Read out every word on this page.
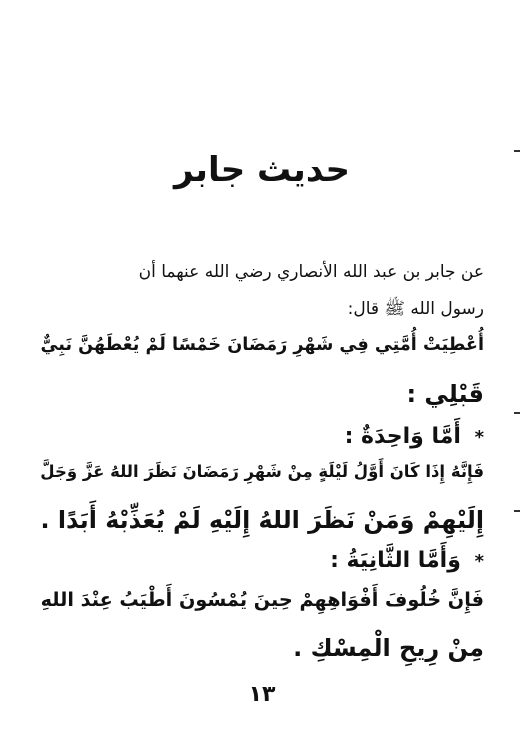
حديث جابر
عن جابر بن عبد الله الأنصاري رضي الله عنهما أن
رسول الله ﷺ قال:
أُعْطِيَتْ أُمَّتِي فِي شَهْرِ رَمَضَانَ خَمْسًا لَمْ يُعْطَهُنَّ نَبِيٌّ
قَبْلِي :
* أَمَّا وَاحِدَةٌ :
فَإِنَّهُ إِذَا كَانَ أَوَّلُ لَيْلَةٍ مِنْ شَهْرِ رَمَضَانَ نَظَرَ اللهُ عَزَّ وَجَلَّ
إِلَيْهِمْ وَمَنْ نَظَرَ اللهُ إِلَيْهِ لَمْ يُعَذِّبْهُ أَبَدًا .
* وَأَمَّا الثَّانِيَةُ :
فَإِنَّ خُلُوفَ أَفْوَاهِهِمْ حِينَ يُمْسُونَ أَطْيَبُ عِنْدَ اللهِ
مِنْ رِيحِ الْمِسْكِ .
١٣
